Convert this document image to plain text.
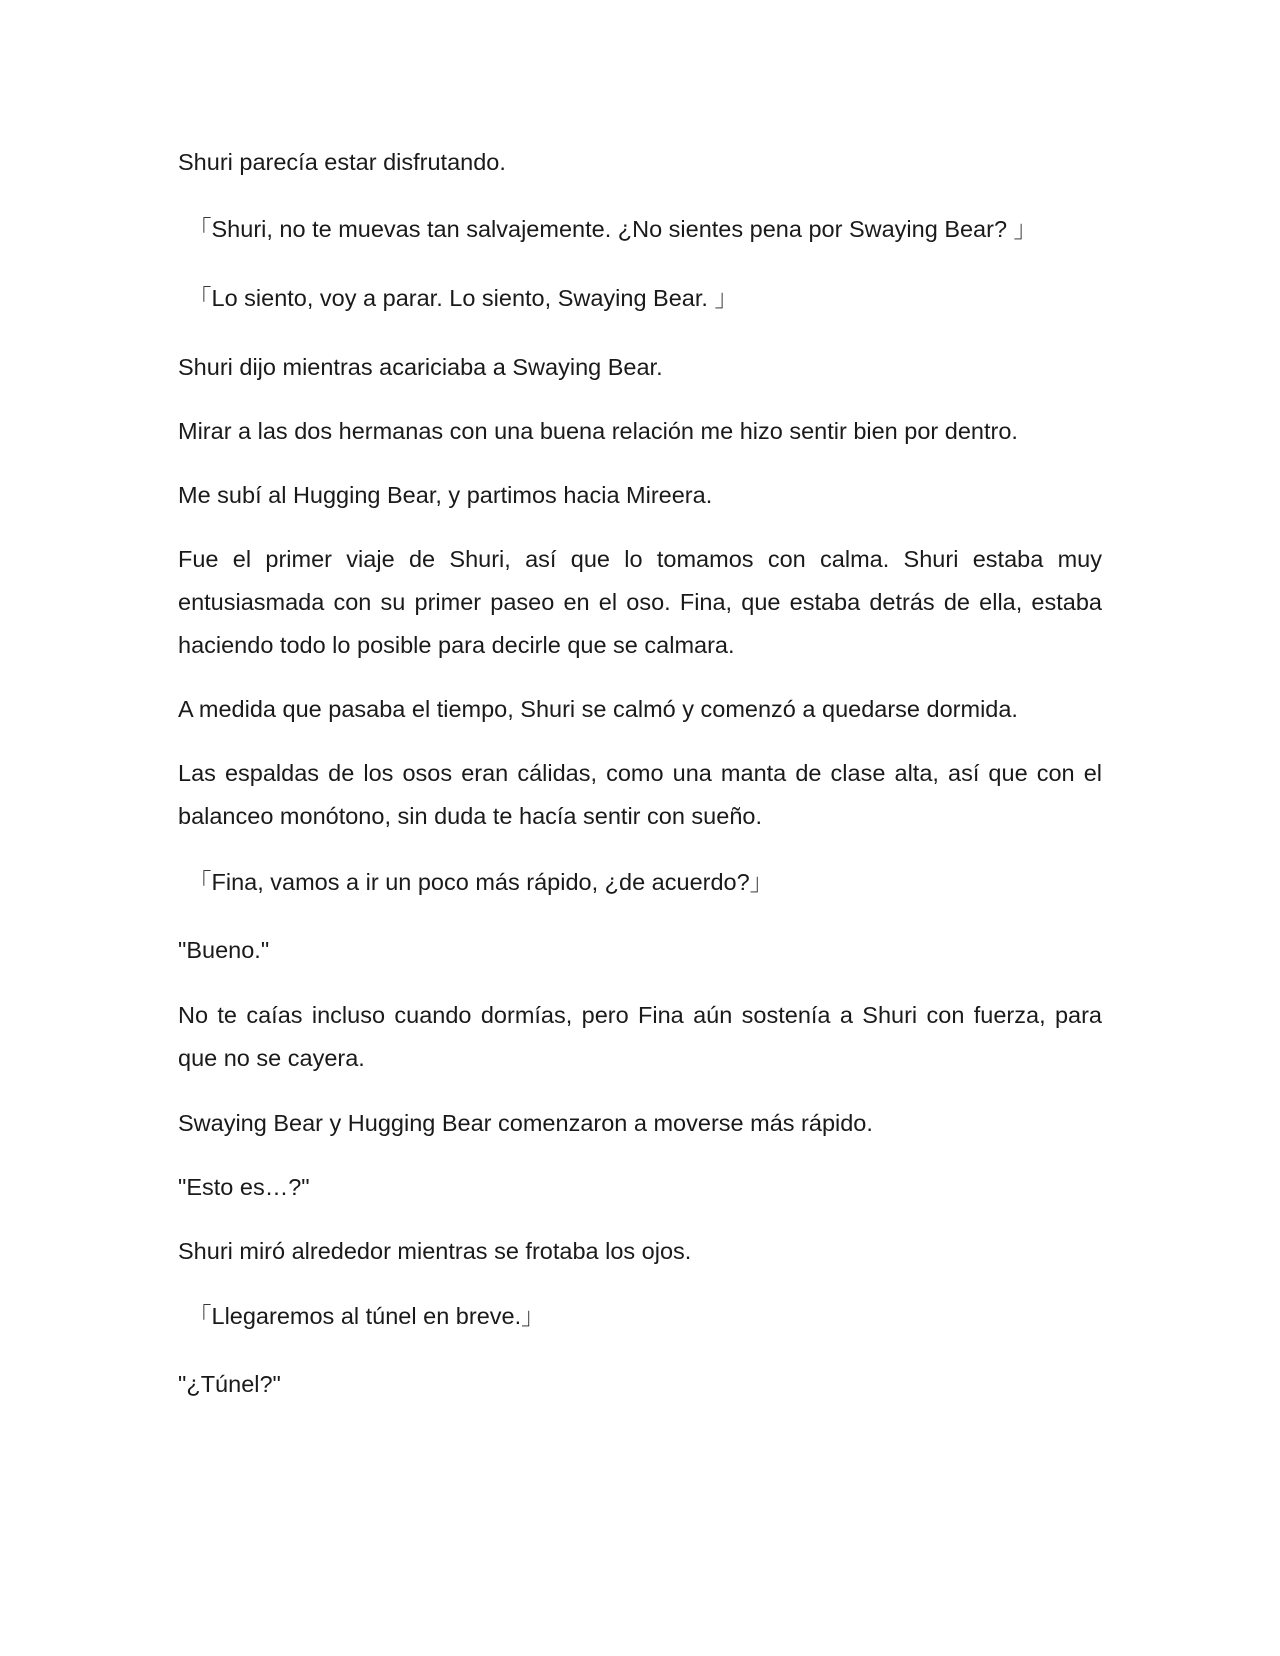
Shuri parecía estar disfrutando.

「Shuri, no te muevas tan salvajemente. ¿No sientes pena por Swaying Bear? 」

「Lo siento, voy a parar. Lo siento, Swaying Bear. 」

Shuri dijo mientras acariciaba a Swaying Bear.

Mirar a las dos hermanas con una buena relación me hizo sentir bien por dentro.

Me subí al Hugging Bear, y partimos hacia Mireera.

Fue el primer viaje de Shuri, así que lo tomamos con calma. Shuri estaba muy entusiasmada con su primer paseo en el oso. Fina, que estaba detrás de ella, estaba haciendo todo lo posible para decirle que se calmara.

A medida que pasaba el tiempo, Shuri se calmó y comenzó a quedarse dormida.

Las espaldas de los osos eran cálidas, como una manta de clase alta, así que con el balanceo monótono, sin duda te hacía sentir con sueño.

「Fina, vamos a ir un poco más rápido, ¿de acuerdo?」

"Bueno."

No te caías incluso cuando dormías, pero Fina aún sostenía a Shuri con fuerza, para que no se cayera.

Swaying Bear y Hugging Bear comenzaron a moverse más rápido.

"Esto es…?"

Shuri miró alrededor mientras se frotaba los ojos.

「Llegaremos al túnel en breve.」

"¿Túnel?"
